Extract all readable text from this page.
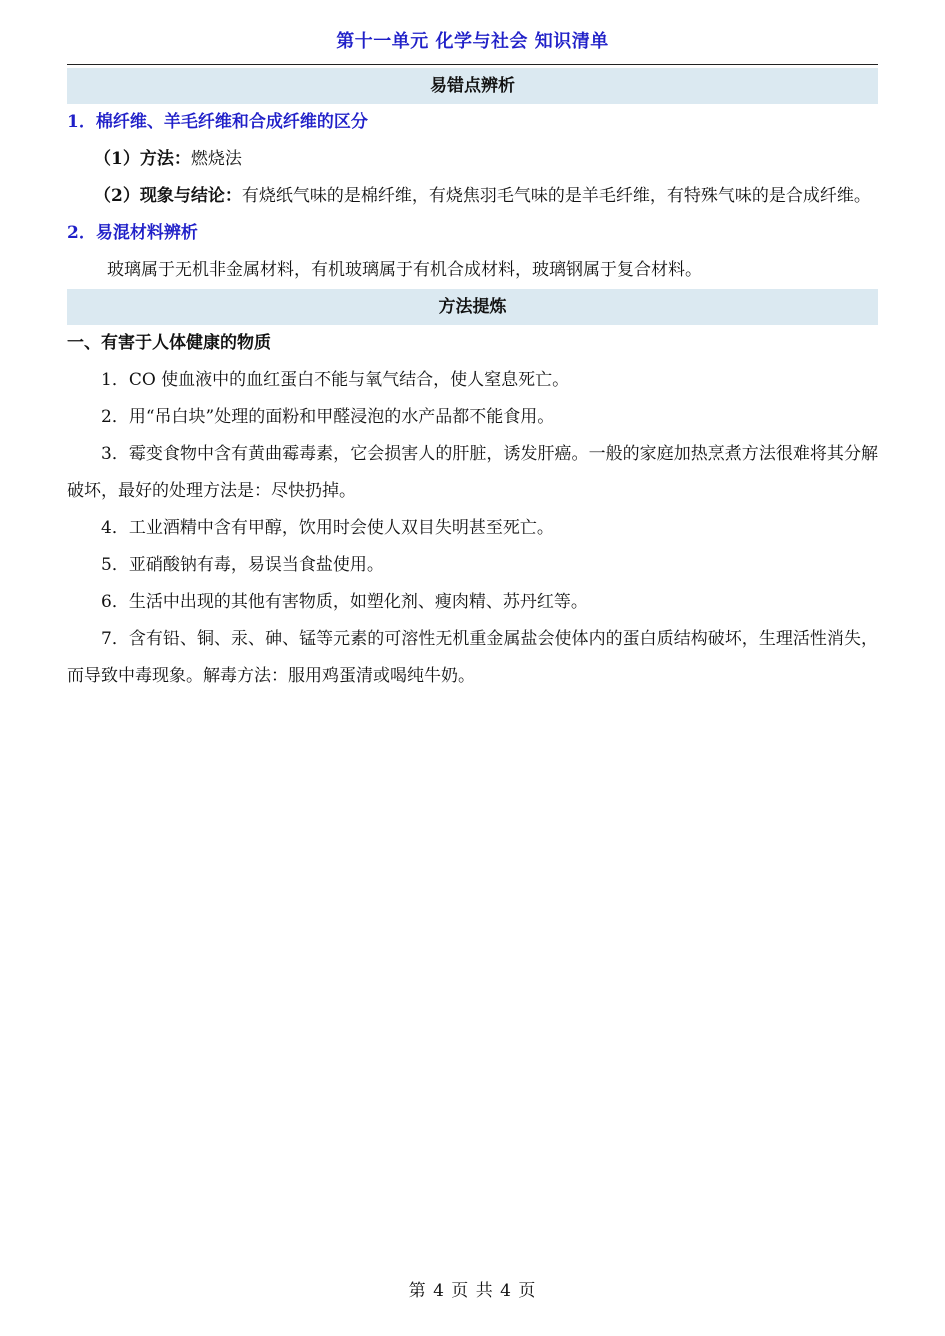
第十一单元 化学与社会 知识清单
易错点辨析
1．棉纤维、羊毛纤维和合成纤维的区分
（1）方法：燃烧法
（2）现象与结论：有烧纸气味的是棉纤维，有烧焦羽毛气味的是羊毛纤维，有特殊气味的是合成纤维。
2．易混材料辨析
玻璃属于无机非金属材料，有机玻璃属于有机合成材料，玻璃钢属于复合材料。
方法提炼
一、有害于人体健康的物质
1．CO 使血液中的血红蛋白不能与氧气结合，使人窒息死亡。
2．用“吊白块”处理的面粉和甲醛浸泡的水产品都不能食用。
3．霉变食物中含有黄曲霉毒素，它会损害人的肝脏，诱发肝癌。一般的家庭加热烹煮方法很难将其分解破坏，最好的处理方法是：尽快扔掉。
4．工业酒精中含有甲醇，饮用时会使人双目失明甚至死亡。
5．亚硝酸钠有毒，易误当食盐使用。
6．生活中出现的其他有害物质，如塑化剂、瘦肉精、苏丹红等。
7．含有铅、铜、汞、砷、锰等元素的可溶性无机重金属盐会使体内的蛋白质结构破坏，生理活性消失，而导致中毒现象。解毒方法：服用鸡蛋清或喝纯牛奶。
第 4 页 共 4 页
